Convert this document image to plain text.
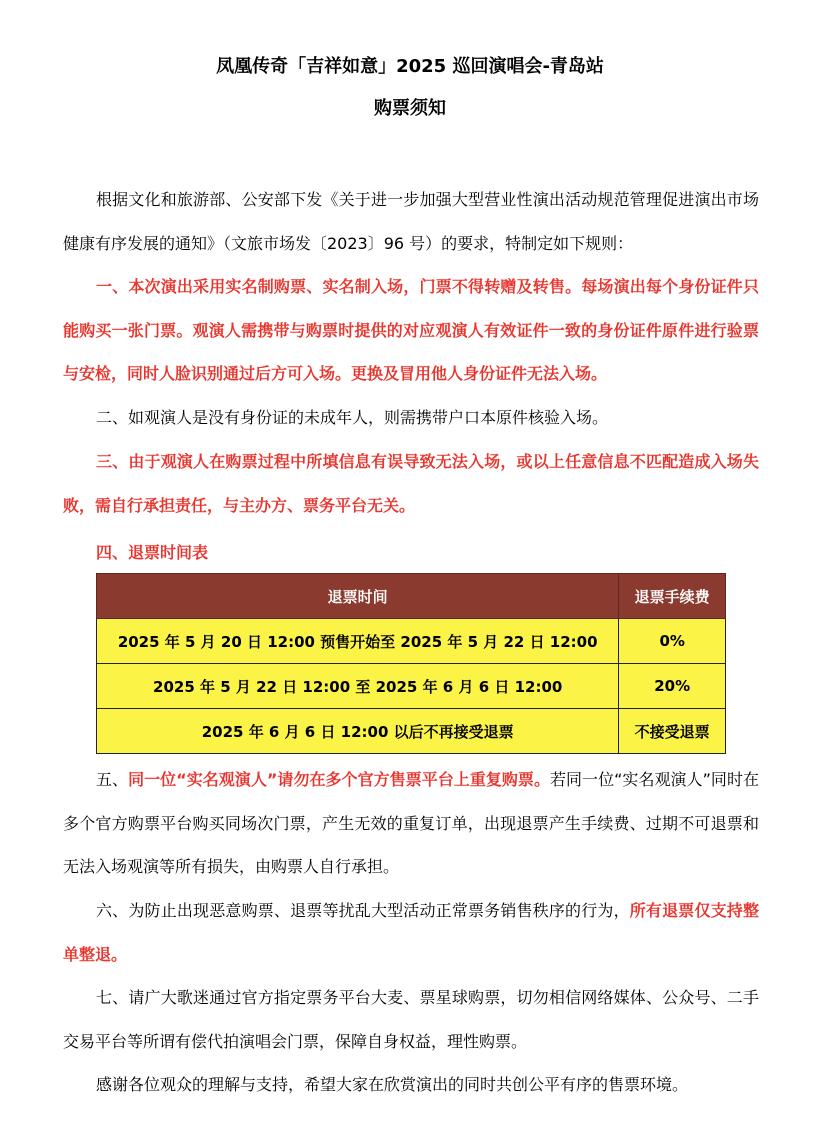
凤凰传奇「吉祥如意」2025 巡回演唱会-青岛站
购票须知
根据文化和旅游部、公安部下发《关于进一步加强大型营业性演出活动规范管理促进演出市场健康有序发展的通知》（文旅市场发〔2023〕96 号）的要求，特制定如下规则：
一、本次演出采用实名制购票、实名制入场，门票不得转赠及转售。每场演出每个身份证件只能购买一张门票。观演人需携带与购票时提供的对应观演人有效证件一致的身份证件原件进行验票与安检，同时人脸识别通过后方可入场。更换及冒用他人身份证件无法入场。
二、如观演人是没有身份证的未成年人，则需携带户口本原件核验入场。
三、由于观演人在购票过程中所填信息有误导致无法入场，或以上任意信息不匹配造成入场失败，需自行承担责任，与主办方、票务平台无关。
四、退票时间表
退票时间	退票手续费
2025 年 5 月 20 日 12:00 预售开始至 2025 年 5 月 22 日 12:00	0%
2025 年 5 月 22 日 12:00 至 2025 年 6 月 6 日 12:00	20%
2025 年 6 月 6 日 12:00 以后不再接受退票	不接受退票
五、同一位“实名观演人”请勿在多个官方售票平台上重复购票。若同一位“实名观演人”同时在多个官方购票平台购买同场次门票，产生无效的重复订单，出现退票产生手续费、过期不可退票和无法入场观演等所有损失，由购票人自行承担。
六、为防止出现恶意购票、退票等扰乱大型活动正常票务销售秩序的行为，所有退票仅支持整单整退。
七、请广大歌迷通过官方指定票务平台大麦、票星球购票，切勿相信网络媒体、公众号、二手交易平台等所谓有偿代拍演唱会门票，保障自身权益，理性购票。
感谢各位观众的理解与支持，希望大家在欣赏演出的同时共创公平有序的售票环境。
